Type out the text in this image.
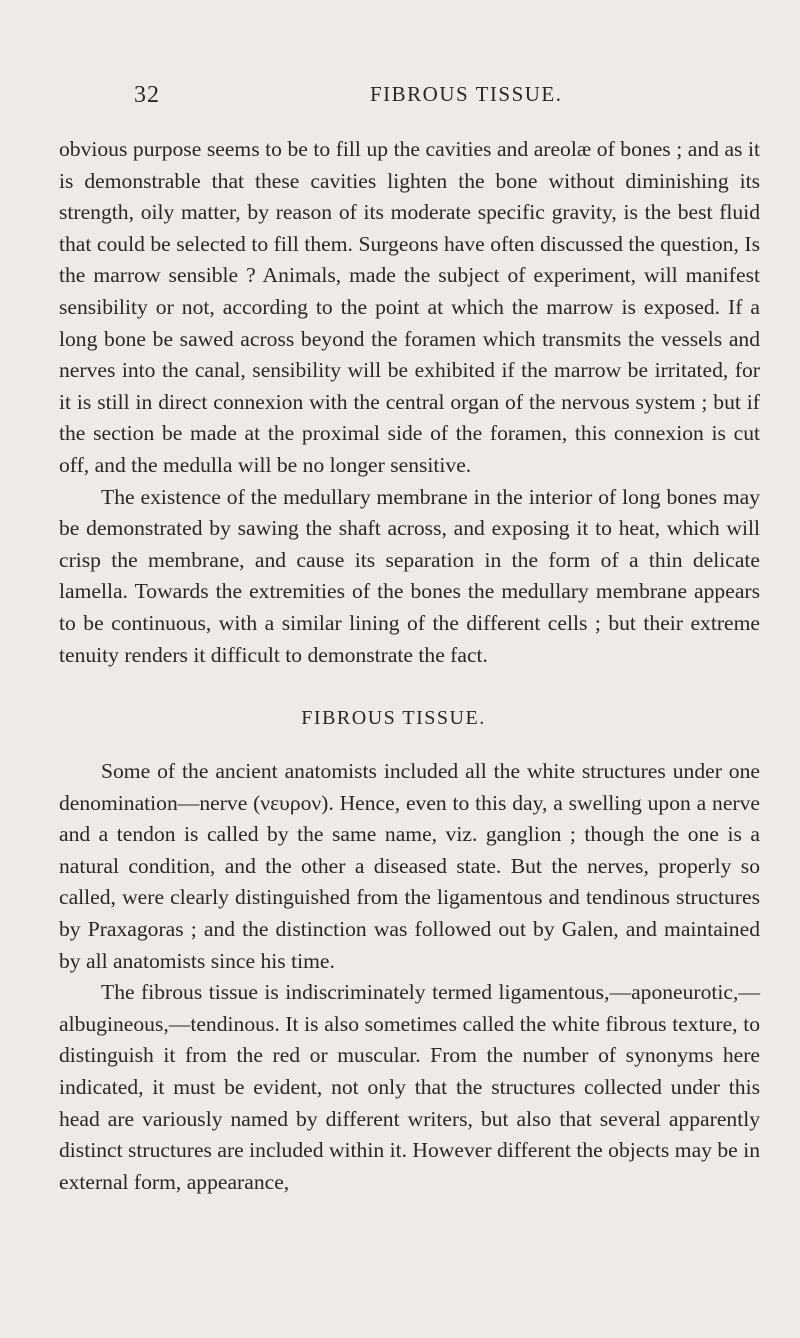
32	FIBROUS TISSUE.

obvious purpose seems to be to fill up the cavities and areolæ of bones ; and as it is demonstrable that these cavities lighten the bone without diminishing its strength, oily matter, by reason of its moderate specific gravity, is the best fluid that could be selected to fill them. Surgeons have often discussed the question, Is the marrow sensible ? Animals, made the subject of experiment, will manifest sensibility or not, according to the point at which the marrow is exposed. If a long bone be sawed across beyond the foramen which transmits the vessels and nerves into the canal, sensibility will be exhibited if the marrow be irritated, for it is still in direct connexion with the central organ of the nervous system ; but if the section be made at the proximal side of the foramen, this connexion is cut off, and the medulla will be no longer sensitive.

The existence of the medullary membrane in the interior of long bones may be demonstrated by sawing the shaft across, and exposing it to heat, which will crisp the membrane, and cause its separation in the form of a thin delicate lamella. Towards the extremities of the bones the medullary membrane appears to be continuous, with a similar lining of the different cells ; but their extreme tenuity renders it difficult to demonstrate the fact.

FIBROUS TISSUE.

Some of the ancient anatomists included all the white structures under one denomination—nerve (νευρον). Hence, even to this day, a swelling upon a nerve and a tendon is called by the same name, viz. ganglion ; though the one is a natural condition, and the other a diseased state. But the nerves, properly so called, were clearly distinguished from the ligamentous and tendinous structures by Praxagoras ; and the distinction was followed out by Galen, and maintained by all anatomists since his time.

The fibrous tissue is indiscriminately termed ligamentous,—aponeurotic,—albugineous,—tendinous. It is also sometimes called the white fibrous texture, to distinguish it from the red or muscular. From the number of synonyms here indicated, it must be evident, not only that the structures collected under this head are variously named by different writers, but also that several apparently distinct structures are included within it. However different the objects may be in external form, appearance,
